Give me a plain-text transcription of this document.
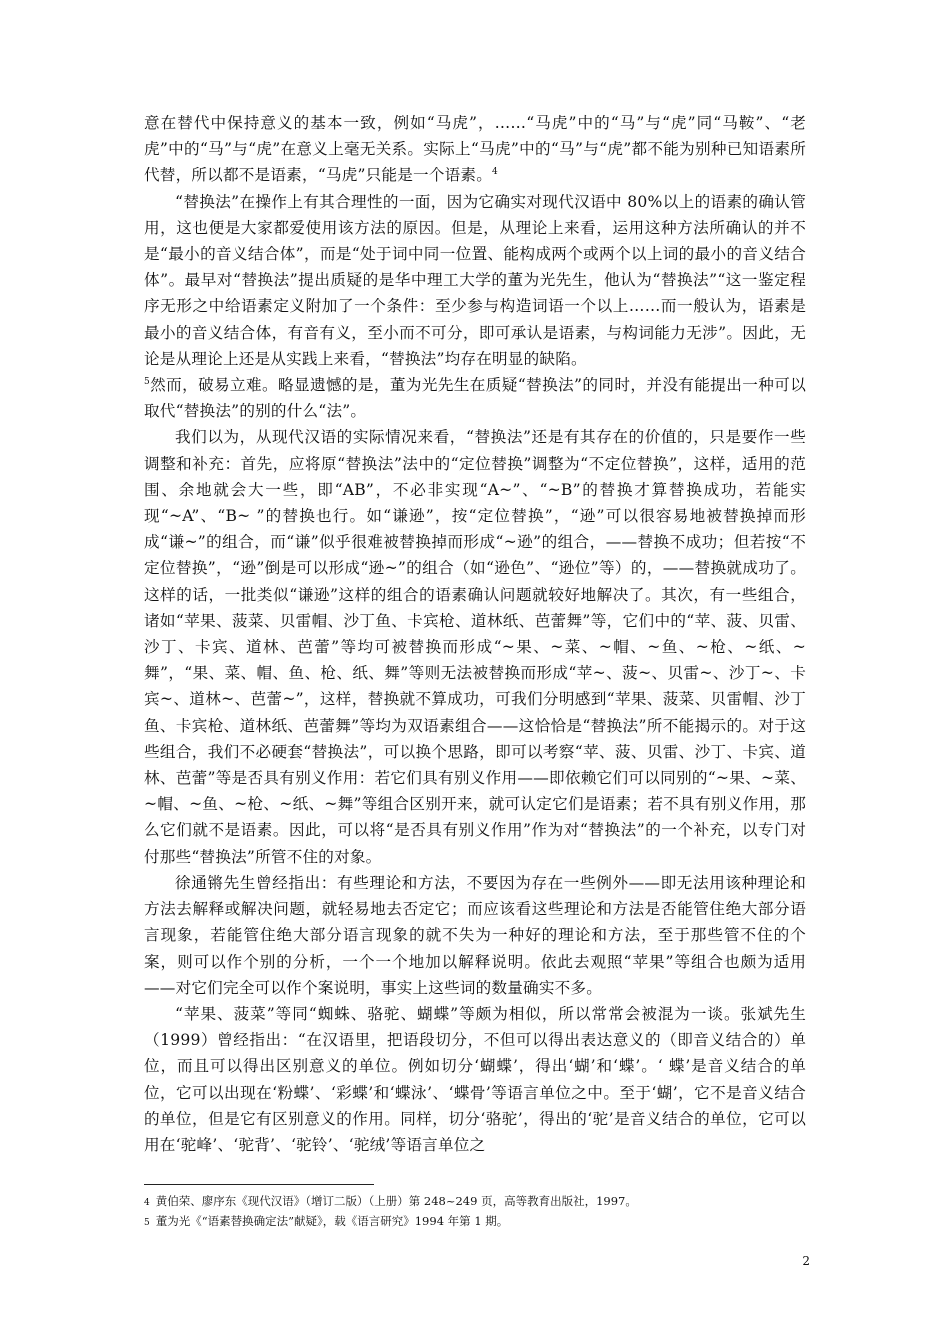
意在替代中保持意义的基本一致，例如“马虎”，……“马虎”中的“马”与“虎”同“马鞍”、“老虎”中的“马”与“虎”在意义上毫无关系。实际上“马虎”中的“马”与“虎”都不能为别种已知语素所代替，所以都不是语素，“马虎”只能是一个语素。$^4$

“替换法”在操作上有其合理性的一面，因为它确实对现代汉语中 80%以上的语素的确认管用，这也便是大家都爱使用该方法的原因。但是，从理论上来看，运用这种方法所确认的并不是“最小的音义结合体”，而是“处于词中同一位置、能构成两个或两个以上词的最小的音义结合体”。最早对“替换法”提出质疑的是华中理工大学的董为光先生，他认为“替换法”“这一鉴定程序无形之中给语素定义附加了一个条件：至少参与构造词语一个以上……而一般认为，语素是最小的音义结合体，有音有义，至小而不可分，即可承认是语素，与构词能力无涉”。因此，无论是从理论上还是从实践上来看，“替换法”均存在明显的缺陷。
$^5$然而，破易立难。略显遗憾的是，董为光先生在质疑“替换法”的同时，并没有能提出一种可以取代“替换法”的别的什么“法”。

我们以为，从现代汉语的实际情况来看，“替换法”还是有其存在的价值的，只是要作一些调整和补充：首先，应将原“替换法”法中的“定位替换”调整为“不定位替换”，这样，适用的范围、余地就会大一些，即“AB”，不必非实现“A~”、“~B”的替换才算替换成功，若能实现“~A”、“B~ ”的替换也行。如“谦逊”，按“定位替换”，“逊”可以很容易地被替换掉而形成“谦~”的组合，而“谦”似乎很难被替换掉而形成“~逊”的组合，——替换不成功；但若按“不定位替换”，“逊”倒是可以形成“逊~”的组合（如“逊色”、“逊位”等）的，——替换就成功了。这样的话，一批类似“谦逊”这样的组合的语素确认问题就较好地解决了。其次，有一些组合，诸如“苹果、菠菜、贝雷帽、沙丁鱼、卡宾枪、道林纸、芭蕾舞”等，它们中的“苹、菠、贝雷、沙丁、卡宾、道林、芭蕾”等均可被替换而形成“~果、~菜、~帽、~鱼、~枪、~纸、~舞”，“果、菜、帽、鱼、枪、纸、舞”等则无法被替换而形成“苹~、菠~、贝雷~、沙丁~、卡宾~、道林~、芭蕾~”，这样，替换就不算成功，可我们分明感到“苹果、菠菜、贝雷帽、沙丁鱼、卡宾枪、道林纸、芭蕾舞”等均为双语素组合——这恰恰是“替换法”所不能揭示的。对于这些组合，我们不必硬套“替换法”，可以换个思路，即可以考察“苹、菠、贝雷、沙丁、卡宾、道林、芭蕾”等是否具有别义作用：若它们具有别义作用——即依赖它们可以同别的“~果、~菜、~帽、~鱼、~枪、~纸、~舞”等组合区别开来，就可认定它们是语素；若不具有别义作用，那么它们就不是语素。因此，可以将“是否具有别义作用”作为对“替换法”的一个补充，以专门对付那些“替换法”所管不住的对象。

徐通锵先生曾经指出：有些理论和方法，不要因为存在一些例外——即无法用该种理论和方法去解释或解决问题，就轻易地去否定它；而应该看这些理论和方法是否能管住绝大部分语言现象，若能管住绝大部分语言现象的就不失为一种好的理论和方法，至于那些管不住的个案，则可以作个别的分析，一个一个地加以解释说明。依此去观照“苹果”等组合也颇为适用——对它们完全可以作个案说明，事实上这些词的数量确实不多。

“苹果、菠菜”等同“蜘蛛、骆驼、蝴蝶”等颇为相似，所以常常会被混为一谈。张斌先生（1999）曾经指出：“在汉语里，把语段切分，不但可以得出表达意义的（即音义结合的）单位，而且可以得出区别意义的单位。例如切分‘蝴蝶’，得出‘蝴’和‘蝶’。‘ 蝶’是音义结合的单位，它可以出现在‘粉蝶’、‘彩蝶’和‘蝶泳’、‘蝶骨’等语言单位之中。至于‘蝴’，它不是音义结合的单位，但是它有区别意义的作用。同样，切分‘骆驼’，得出的‘驼’是音义结合的单位，它可以用在‘驼峰’、‘驼背’、‘驼铃’、‘驼绒’等语言单位之

4 黄伯荣、廖序东《现代汉语》（增订二版）（上册）第 248~249 页，高等教育出版社，1997。

5 董为光《“语素替换确定法”献疑》，载《语言研究》1994 年第 1 期。

2
